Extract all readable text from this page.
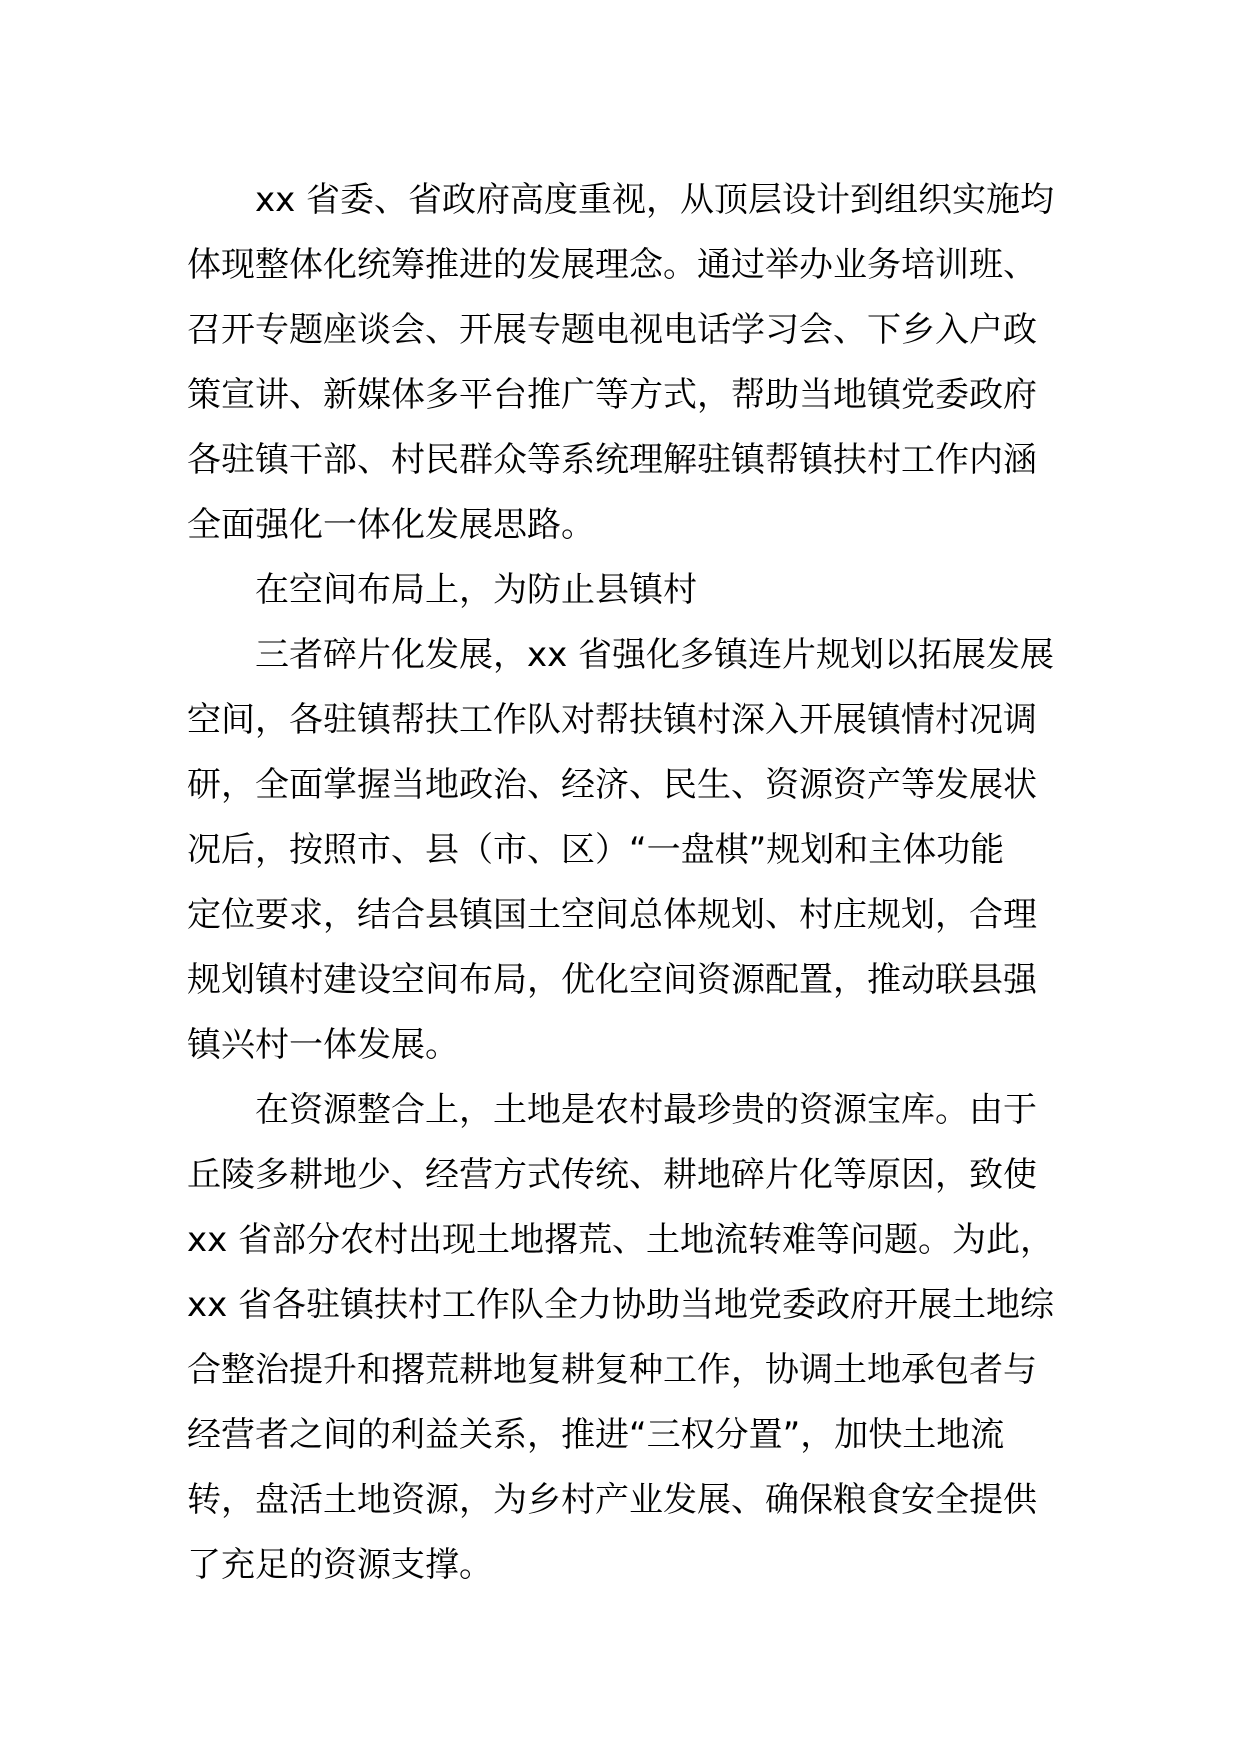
xx 省委、省政府高度重视，从顶层设计到组织实施均
体现整体化统筹推进的发展理念。通过举办业务培训班、
召开专题座谈会、开展专题电视电话学习会、下乡入户政
策宣讲、新媒体多平台推广等方式，帮助当地镇党委政府
各驻镇干部、村民群众等系统理解驻镇帮镇扶村工作内涵
全面强化一体化发展思路。
在空间布局上，为防止县镇村
三者碎片化发展，xx 省强化多镇连片规划以拓展发展
空间，各驻镇帮扶工作队对帮扶镇村深入开展镇情村况调
研，全面掌握当地政治、经济、民生、资源资产等发展状
况后，按照市、县（市、区）“一盘棋”规划和主体功能
定位要求，结合县镇国土空间总体规划、村庄规划，合理
规划镇村建设空间布局，优化空间资源配置，推动联县强
镇兴村一体发展。
在资源整合上，土地是农村最珍贵的资源宝库。由于
丘陵多耕地少、经营方式传统、耕地碎片化等原因，致使
xx 省部分农村出现土地撂荒、土地流转难等问题。为此，
xx 省各驻镇扶村工作队全力协助当地党委政府开展土地综
合整治提升和撂荒耕地复耕复种工作，协调土地承包者与
经营者之间的利益关系，推进“三权分置”，加快土地流
转，盘活土地资源，为乡村产业发展、确保粮食安全提供
了充足的资源支撑。
